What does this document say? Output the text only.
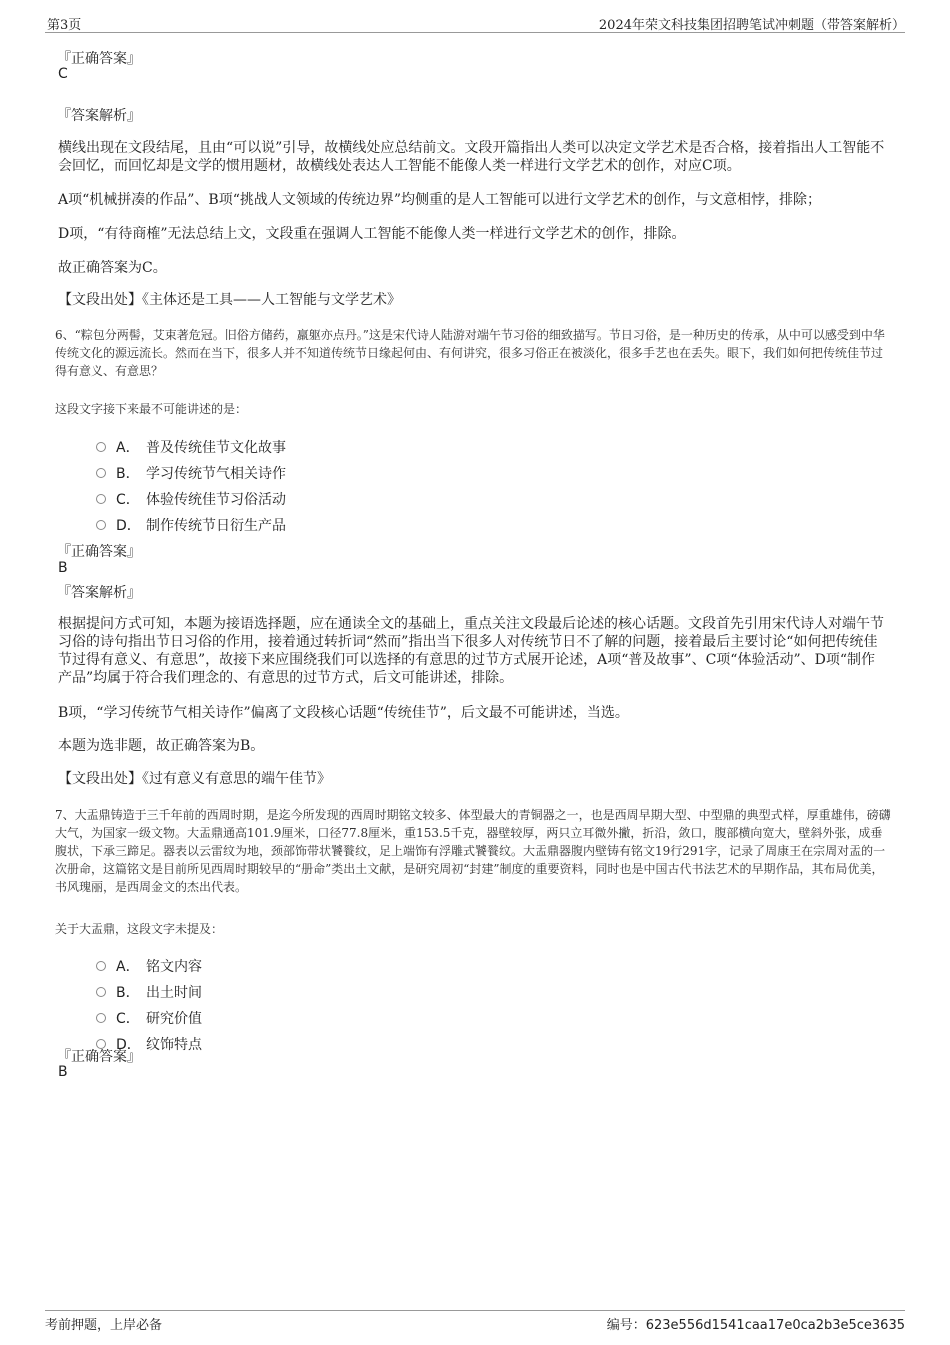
第3页	2024年荣文科技集团招聘笔试冲刺题（带答案解析）
『正确答案』
C
『答案解析』
横线出现在文段结尾，且由“可以说”引导，故横线处应总结前文。文段开篇指出人类可以决定文学艺术是否合格，接着指出人工智能不会回忆，而回忆却是文学的惯用题材，故横线处表达人工智能不能像人类一样进行文学艺术的创作，对应C项。
A项“机械拼凑的作品”、B项“挑战人文领域的传统边界”均侧重的是人工智能可以进行文学艺术的创作，与文意相悖，排除；
D项，“有待商榷”无法总结上文，文段重在强调人工智能不能像人类一样进行文学艺术的创作，排除。
故正确答案为C。
【文段出处】《主体还是工具——人工智能与文学艺术》
6、“粽包分两髻，艾束著危冠。旧俗方储药，羸躯亦点丹。”这是宋代诗人陆游对端午节习俗的细致描写。节日习俗，是一种历史的传承，从中可以感受到中华传统文化的源远流长。然而在当下，很多人并不知道传统节日缘起何由、有何讲究，很多习俗正在被淡化，很多手艺也在丢失。眼下，我们如何把传统佳节过得有意义、有意思？
这段文字接下来最不可能讲述的是：
A． 普及传统佳节文化故事
B． 学习传统节气相关诗作
C． 体验传统佳节习俗活动
D． 制作传统节日衍生产品
『正确答案』
B
『答案解析』
根据提问方式可知，本题为接语选择题，应在通读全文的基础上，重点关注文段最后论述的核心话题。文段首先引用宋代诗人对端午节习俗的诗句指出节日习俗的作用，接着通过转折词“然而”指出当下很多人对传统节日不了解的问题，接着最后主要讨论“如何把传统佳节过得有意义、有意思”，故接下来应围绕我们可以选择的有意思的过节方式展开论述，A项“普及故事”、C项“体验活动”、D项“制作产品”均属于符合我们理念的、有意思的过节方式，后文可能讲述，排除。
B项，“学习传统节气相关诗作”偏离了文段核心话题“传统佳节”，后文最不可能讲述，当选。
本题为选非题，故正确答案为B。
【文段出处】《过有意义有意思的端午佳节》
7、大盂鼎铸造于三千年前的西周时期，是迄今所发现的西周时期铭文较多、体型最大的青铜器之一，也是西周早期大型、中型鼎的典型式样，厚重雄伟，磅礴大气，为国家一级文物。大盂鼎通高101.9厘米，口径77.8厘米，重153.5千克，器壁较厚，两只立耳微外撇，折沿，敛口，腹部横向宽大，壁斜外张，成垂腹状，下承三蹄足。器表以云雷纹为地，颈部饰带状饕餮纹，足上端饰有浮雕式饕餮纹。大盂鼎器腹内壁铸有铭文19行291字，记录了周康王在宗周对盂的一次册命，这篇铭文是目前所见西周时期较早的“册命”类出土文献，是研究周初“封建”制度的重要资料，同时也是中国古代书法艺术的早期作品，其布局优美，书风瑰丽，是西周金文的杰出代表。
关于大盂鼎，这段文字未提及：
A． 铭文内容
B． 出土时间
C． 研究价值
D． 纹饰特点
『正确答案』
B
考前押题，上岸必备	编号：623e556d1541caa17e0ca2b3e5ce3635
